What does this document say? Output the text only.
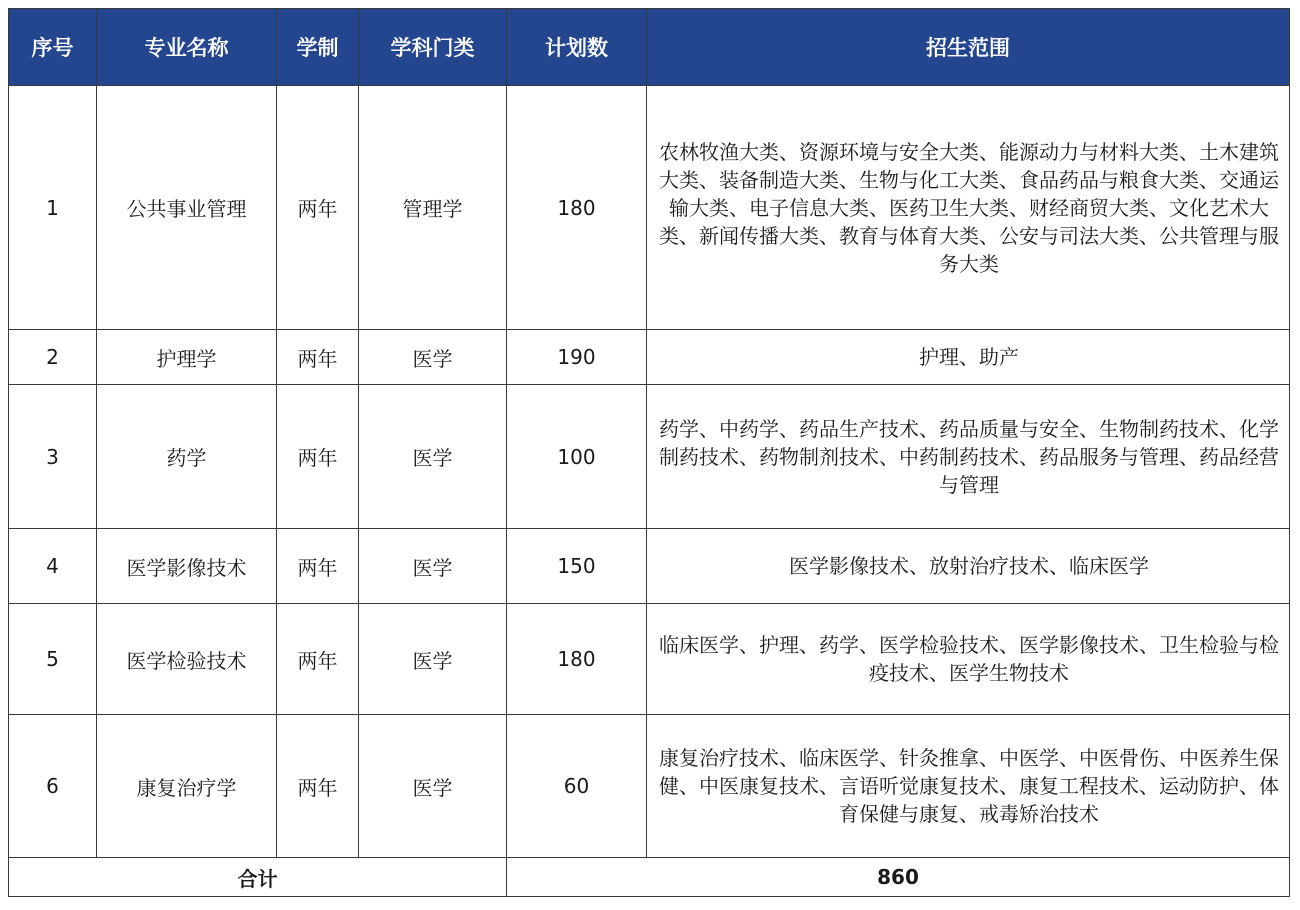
序号	专业名称	学制	学科门类	计划数	招生范围
1	公共事业管理	两年	管理学	180	农林牧渔大类、资源环境与安全大类、能源动力与材料大类、土木建筑大类、装备制造大类、生物与化工大类、食品药品与粮食大类、交通运输大类、电子信息大类、医药卫生大类、财经商贸大类、文化艺术大类、新闻传播大类、教育与体育大类、公安与司法大类、公共管理与服务大类
2	护理学	两年	医学	190	护理、助产
3	药学	两年	医学	100	药学、中药学、药品生产技术、药品质量与安全、生物制药技术、化学制药技术、药物制剂技术、中药制药技术、药品服务与管理、药品经营与管理
4	医学影像技术	两年	医学	150	医学影像技术、放射治疗技术、临床医学
5	医学检验技术	两年	医学	180	临床医学、护理、药学、医学检验技术、医学影像技术、卫生检验与检疫技术、医学生物技术
6	康复治疗学	两年	医学	60	康复治疗技术、临床医学、针灸推拿、中医学、中医骨伤、中医养生保健、中医康复技术、言语听觉康复技术、康复工程技术、运动防护、体育保健与康复、戒毒矫治技术
合计				860	
